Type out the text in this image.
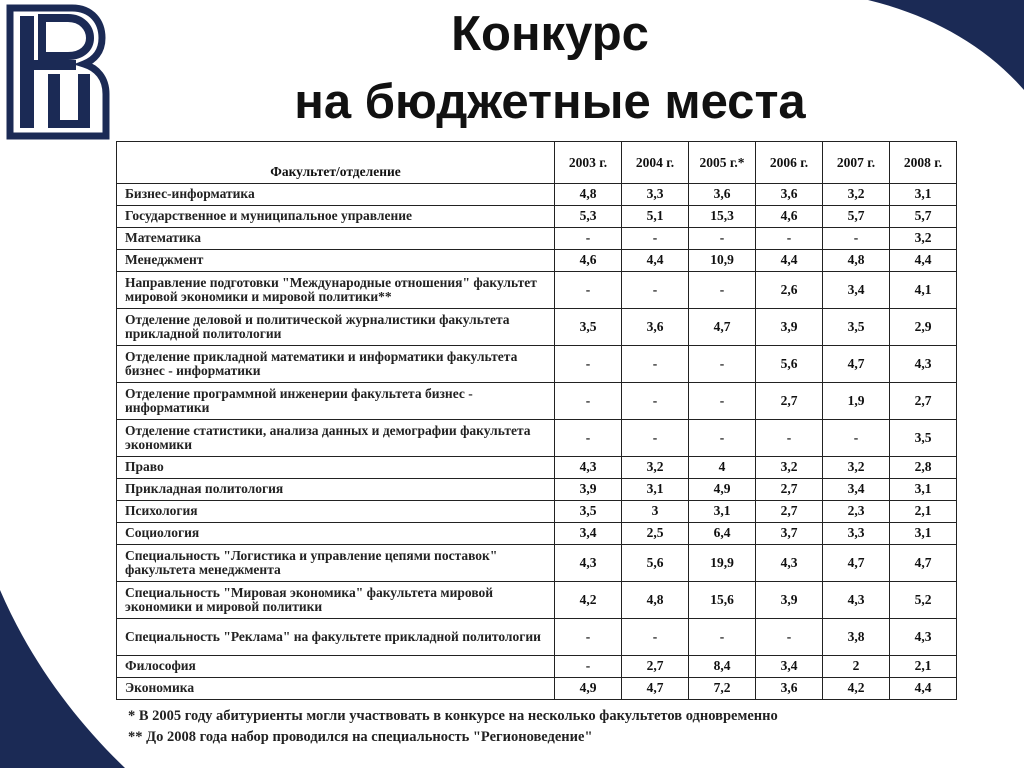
Конкурс
на бюджетные места
Факультет/отделение	2003 г.	2004 г.	2005 г.*	2006 г.	2007 г.	2008 г.
Бизнес-информатика	4,8	3,3	3,6	3,6	3,2	3,1
Государственное и муниципальное управление	5,3	5,1	15,3	4,6	5,7	5,7
Математика	-	-	-	-	-	3,2
Менеджмент	4,6	4,4	10,9	4,4	4,8	4,4
Направление подготовки "Международные отношения" факультет мировой экономики и мировой политики**	-	-	-	2,6	3,4	4,1
Отделение деловой и политической журналистики факультета прикладной политологии	3,5	3,6	4,7	3,9	3,5	2,9
Отделение прикладной математики и информатики факультета бизнес - информатики	-	-	-	5,6	4,7	4,3
Отделение программной инженерии факультета бизнес - информатики	-	-	-	2,7	1,9	2,7
Отделение статистики, анализа данных и демографии факультета экономики	-	-	-	-	-	3,5
Право	4,3	3,2	4	3,2	3,2	2,8
Прикладная политология	3,9	3,1	4,9	2,7	3,4	3,1
Психология	3,5	3	3,1	2,7	2,3	2,1
Социология	3,4	2,5	6,4	3,7	3,3	3,1
Специальность "Логистика и управление цепями поставок" факультета менеджмента	4,3	5,6	19,9	4,3	4,7	4,7
Специальность "Мировая экономика" факультета мировой экономики и мировой политики	4,2	4,8	15,6	3,9	4,3	5,2
Специальность "Реклама" на факультете прикладной политологии	-	-	-	-	3,8	4,3
Философия	-	2,7	8,4	3,4	2	2,1
Экономика	4,9	4,7	7,2	3,6	4,2	4,4
* В 2005 году абитуриенты могли участвовать в конкурсе на несколько факультетов одновременно
** До 2008 года набор проводился на специальность "Регионоведение"
